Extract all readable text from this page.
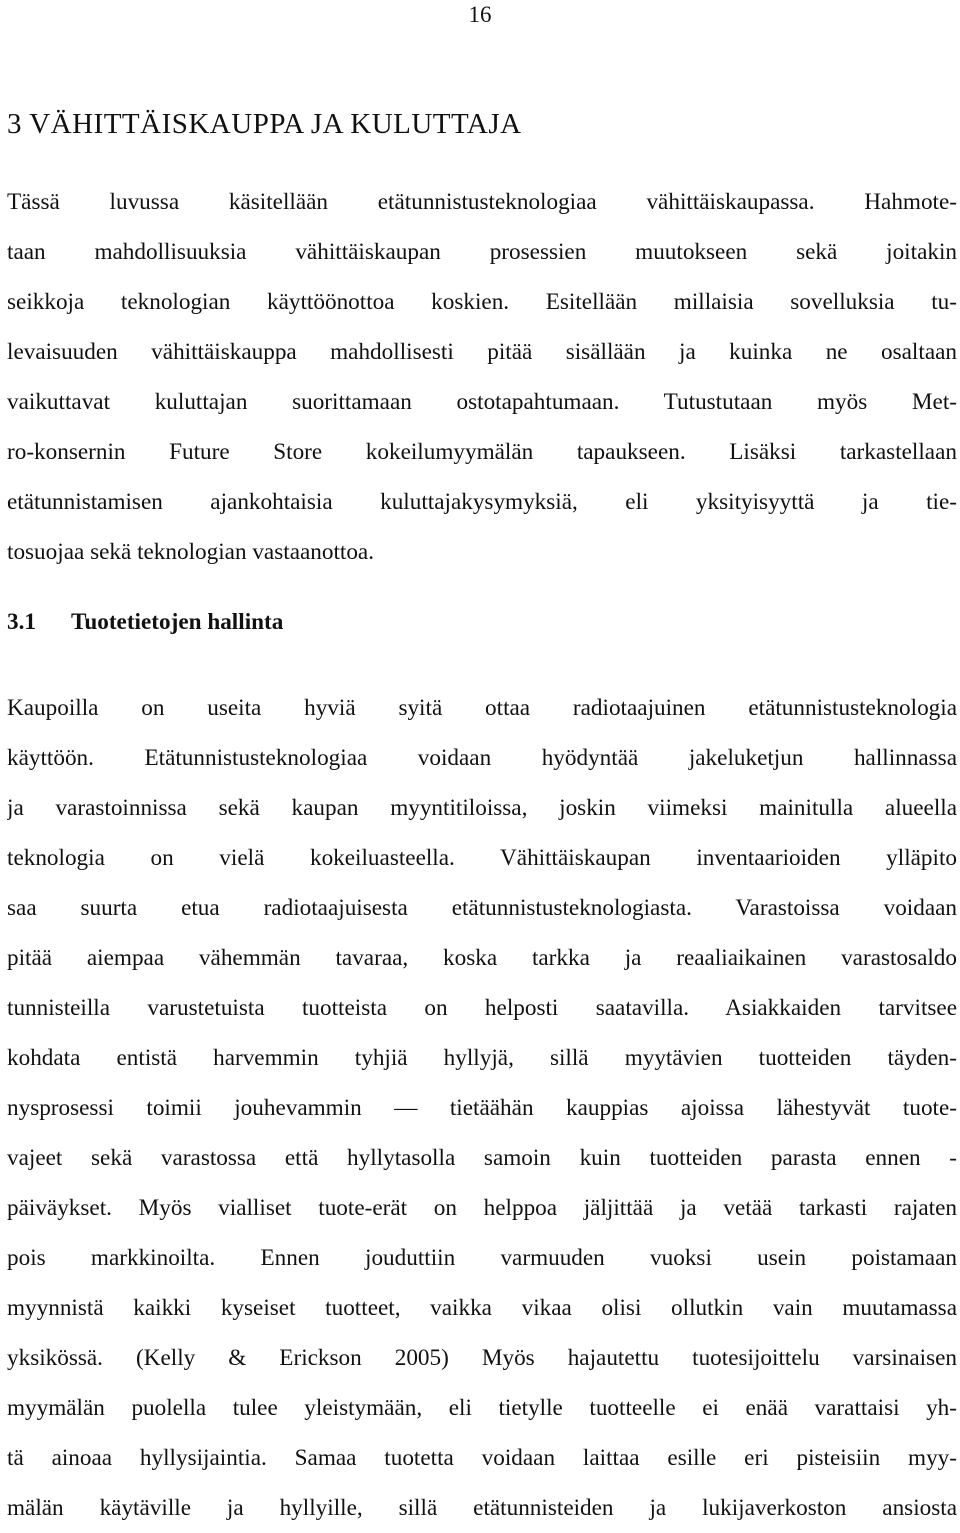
16
3 VÄHITTÄISKAUPPA JA KULUTTAJA
Tässä luvussa käsitellään etätunnistusteknologiaa vähittäiskaupassa. Hahmote-
taan mahdollisuuksia vähittäiskaupan prosessien muutokseen sekä joitakin
seikkoja teknologian käyttöönottoa koskien. Esitellään millaisia sovelluksia tu-
levaisuuden vähittäiskauppa mahdollisesti pitää sisällään ja kuinka ne osaltaan
vaikuttavat kuluttajan suorittamaan ostotapahtumaan. Tutustutaan myös Met-
ro-konsernin Future Store kokeilumyymälän tapaukseen. Lisäksi tarkastellaan
etätunnistamisen ajankohtaisia kuluttajakysymyksiä, eli yksityisyyttä ja tie-
tosuojaa sekä teknologian vastaanottoa.
3.1 Tuotetietojen hallinta
Kaupoilla on useita hyviä syitä ottaa radiotaajuinen etätunnistusteknologia
käyttöön. Etätunnistusteknologiaa voidaan hyödyntää jakeluketjun hallinnassa
ja varastoinnissa sekä kaupan myyntitiloissa, joskin viimeksi mainitulla alueella
teknologia on vielä kokeiluasteella. Vähittäiskaupan inventaarioiden ylläpito
saa suurta etua radiotaajuisesta etätunnistusteknologiasta. Varastoissa voidaan
pitää aiempaa vähemmän tavaraa, koska tarkka ja reaaliaikainen varastosaldo
tunnisteilla varustetuista tuotteista on helposti saatavilla. Asiakkaiden tarvitsee
kohdata entistä harvemmin tyhjiä hyllyjä, sillä myytävien tuotteiden täyden-
nysprosessi toimii jouhevammin — tietäähän kauppias ajoissa lähestyvät tuote-
vajeet sekä varastossa että hyllytasolla samoin kuin tuotteiden parasta ennen -
päiväykset. Myös vialliset tuote-erät on helppoa jäljittää ja vetää tarkasti rajaten
pois markkinoilta. Ennen jouduttiin varmuuden vuoksi usein poistamaan
myynnistä kaikki kyseiset tuotteet, vaikka vikaa olisi ollutkin vain muutamassa
yksikössä. (Kelly & Erickson 2005) Myös hajautettu tuotesijoittelu varsinaisen
myymälän puolella tulee yleistymään, eli tietylle tuotteelle ei enää varattaisi yh-
tä ainoaa hyllysijaintia. Samaa tuotetta voidaan laittaa esille eri pisteisiin myy-
mälän käytäville ja hyllyille, sillä etätunnisteiden ja lukijaverkoston ansiosta
